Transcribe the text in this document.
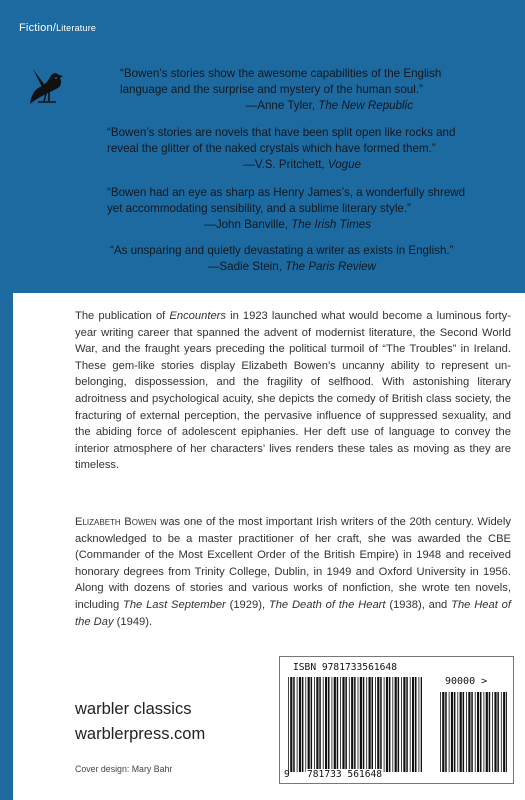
Fiction/Literature

“Bowen’s stories show the awesome capabilities of the English language and the surprise and mystery of the human soul.”

—Anne Tyler, The New Republic

“Bowen’s stories are novels that have been split open like rocks and reveal the glitter of the naked crystals which have formed them.”

—V.S. Pritchett, Vogue

“Bowen had an eye as sharp as Henry James’s, a wonderfully shrewd yet accommodating sensibility, and a sublime literary style.”

—John Banville, The Irish Times

“As unsparing and quietly devastating a writer as exists in English.”

—Sadie Stein, The Paris Review

The publication of Encounters in 1923 launched what would become a luminous forty-year writing career that spanned the advent of modernist literature, the Second World War, and the fraught years preceding the political turmoil of “The Troubles” in Ireland. These gem-like stories display Elizabeth Bowen’s uncanny ability to represent un-belonging, dispossession, and the fragility of selfhood. With astonishing literary adroitness and psychological acuity, she depicts the comedy of British class society, the fracturing of external perception, the pervasive influence of suppressed sexuality, and the abiding force of adolescent epiphanies. Her deft use of language to convey the interior atmosphere of her characters’ lives renders these tales as moving as they are timeless.

Elizabeth Bowen was one of the most important Irish writers of the 20th century. Widely acknowledged to be a master practitioner of her craft, she was awarded the CBE (Commander of the Most Excellent Order of the British Empire) in 1948 and received honorary degrees from Trinity College, Dublin, in 1949 and Oxford University in 1956. Along with dozens of stories and various works of nonfiction, she wrote ten novels, including The Last September (1929), The Death of the Heart (1938), and The Heat of the Day (1949).

ISBN 9781733561648
90000 >
9 781733 561648
warbler classics
warblerpress.com
Cover design: Mary Bahr
